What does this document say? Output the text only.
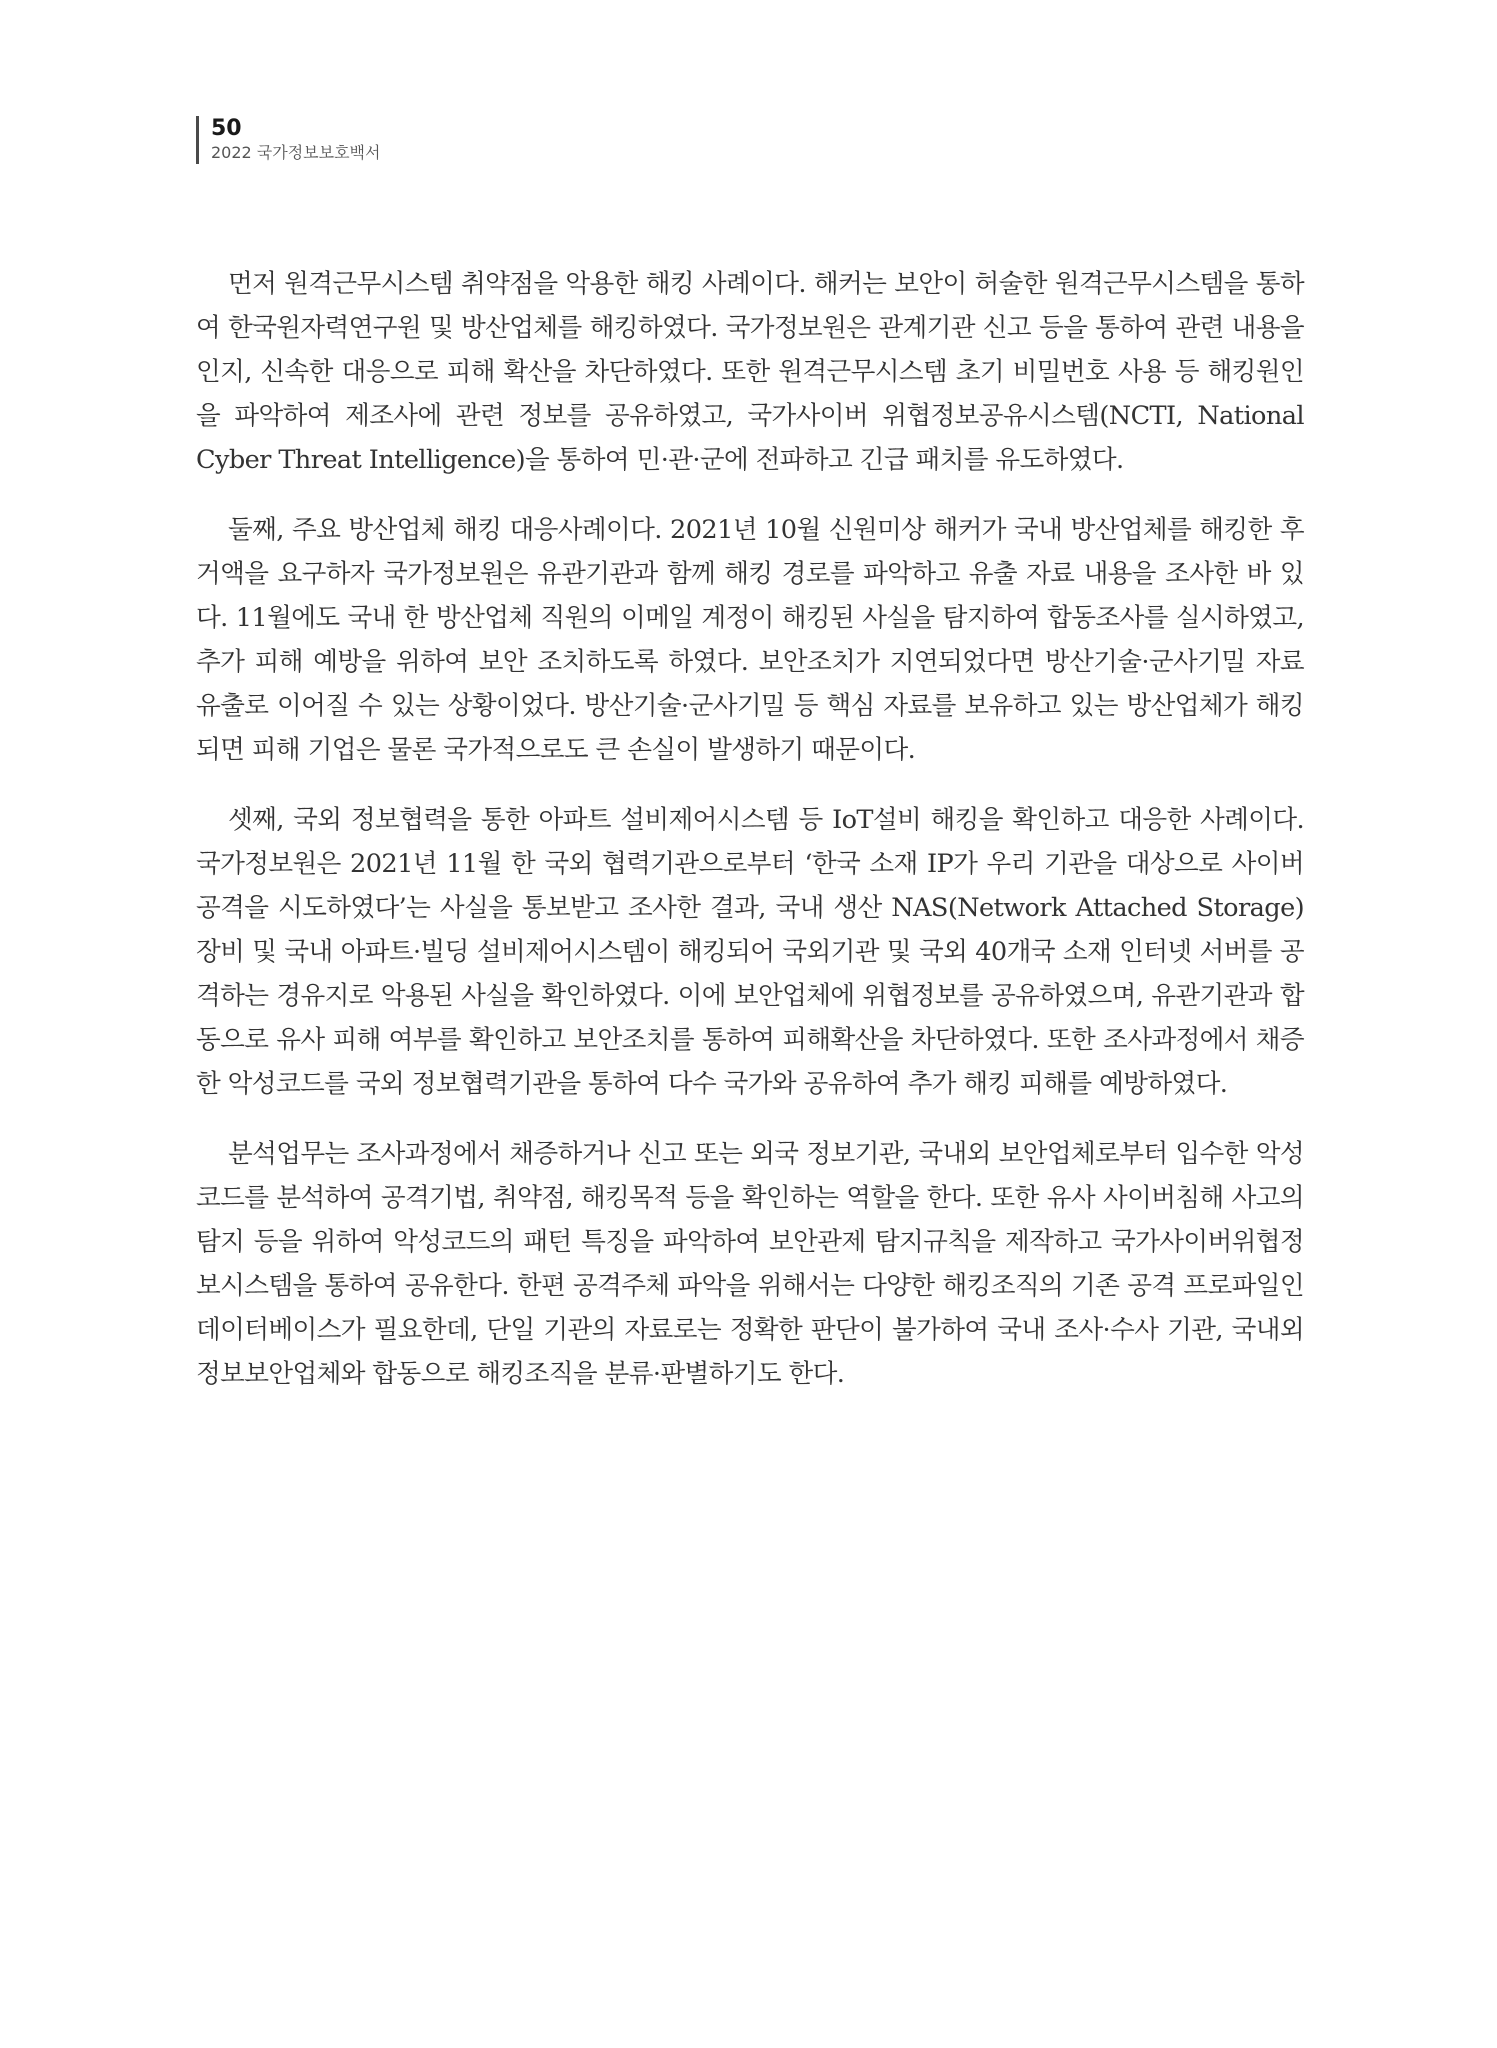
50
2022 국가정보보호백서

먼저 원격근무시스템 취약점을 악용한 해킹 사례이다. 해커는 보안이 허술한 원격근무시스템을 통하여 한국원자력연구원 및 방산업체를 해킹하였다. 국가정보원은 관계기관 신고 등을 통하여 관련 내용을 인지, 신속한 대응으로 피해 확산을 차단하였다. 또한 원격근무시스템 초기 비밀번호 사용 등 해킹원인을 파악하여 제조사에 관련 정보를 공유하였고, 국가사이버 위협정보공유시스템(NCTI, National Cyber Threat Intelligence)을 통하여 민·관·군에 전파하고 긴급 패치를 유도하였다.

둘째, 주요 방산업체 해킹 대응사례이다. 2021년 10월 신원미상 해커가 국내 방산업체를 해킹한 후 거액을 요구하자 국가정보원은 유관기관과 함께 해킹 경로를 파악하고 유출 자료 내용을 조사한 바 있다. 11월에도 국내 한 방산업체 직원의 이메일 계정이 해킹된 사실을 탐지하여 합동조사를 실시하였고, 추가 피해 예방을 위하여 보안 조치하도록 하였다. 보안조치가 지연되었다면 방산기술·군사기밀 자료 유출로 이어질 수 있는 상황이었다. 방산기술·군사기밀 등 핵심 자료를 보유하고 있는 방산업체가 해킹되면 피해 기업은 물론 국가적으로도 큰 손실이 발생하기 때문이다.

셋째, 국외 정보협력을 통한 아파트 설비제어시스템 등 IoT설비 해킹을 확인하고 대응한 사례이다. 국가정보원은 2021년 11월 한 국외 협력기관으로부터 ‘한국 소재 IP가 우리 기관을 대상으로 사이버공격을 시도하였다’는 사실을 통보받고 조사한 결과, 국내 생산 NAS(Network Attached Storage) 장비 및 국내 아파트·빌딩 설비제어시스템이 해킹되어 국외기관 및 국외 40개국 소재 인터넷 서버를 공격하는 경유지로 악용된 사실을 확인하였다. 이에 보안업체에 위협정보를 공유하였으며, 유관기관과 합동으로 유사 피해 여부를 확인하고 보안조치를 통하여 피해확산을 차단하였다. 또한 조사과정에서 채증한 악성코드를 국외 정보협력기관을 통하여 다수 국가와 공유하여 추가 해킹 피해를 예방하였다.

분석업무는 조사과정에서 채증하거나 신고 또는 외국 정보기관, 국내외 보안업체로부터 입수한 악성코드를 분석하여 공격기법, 취약점, 해킹목적 등을 확인하는 역할을 한다. 또한 유사 사이버침해 사고의 탐지 등을 위하여 악성코드의 패턴 특징을 파악하여 보안관제 탐지규칙을 제작하고 국가사이버위협정보시스템을 통하여 공유한다. 한편 공격주체 파악을 위해서는 다양한 해킹조직의 기존 공격 프로파일인 데이터베이스가 필요한데, 단일 기관의 자료로는 정확한 판단이 불가하여 국내 조사·수사 기관, 국내외 정보보안업체와 합동으로 해킹조직을 분류·판별하기도 한다.
